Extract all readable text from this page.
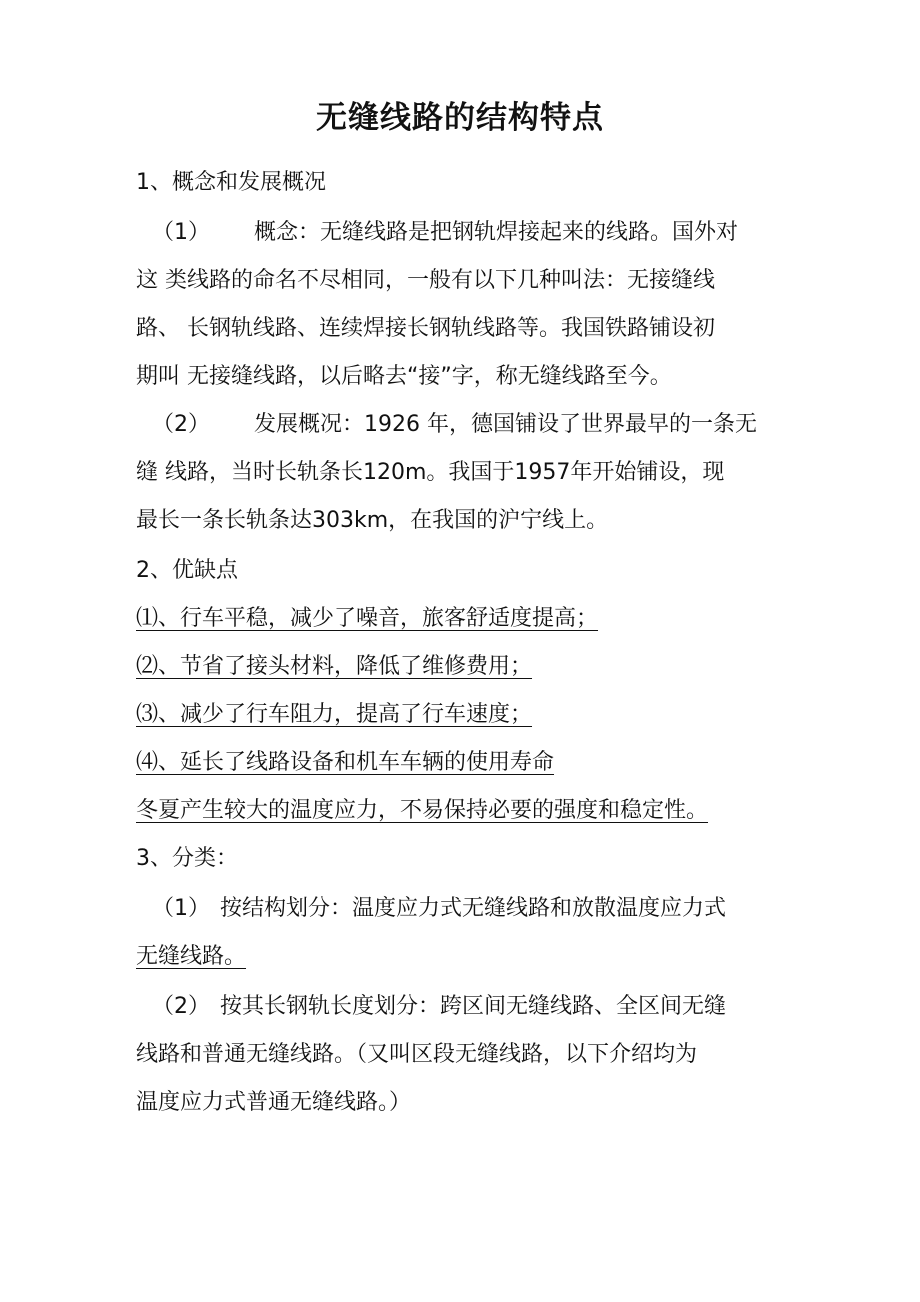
无缝线路的结构特点
1、概念和发展概况
（1） 概念：无缝线路是把钢轨焊接起来的线路。国外对
这 类线路的命名不尽相同，一般有以下几种叫法：无接缝线
路、 长钢轨线路、连续焊接长钢轨线路等。我国铁路铺设初
期叫 无接缝线路，以后略去“接”字，称无缝线路至今。
（2） 发展概况：1926 年，德国铺设了世界最早的一条无
缝 线路，当时长轨条长120m。我国于1957年开始铺设，现
最长一条长轨条达303km，在我国的沪宁线上。
2、优缺点
⑴、行车平稳，减少了噪音，旅客舒适度提高；
⑵、节省了接头材料，降低了维修费用；
⑶、减少了行车阻力，提高了行车速度；
⑷、延长了线路设备和机车车辆的使用寿命
冬夏产生较大的温度应力，不易保持必要的强度和稳定性。
3、分类：
（1） 按结构划分：温度应力式无缝线路和放散温度应力式
无缝线路。
（2） 按其长钢轨长度划分：跨区间无缝线路、全区间无缝
线路和普通无缝线路。（又叫区段无缝线路，以下介绍均为
温度应力式普通无缝线路。）
